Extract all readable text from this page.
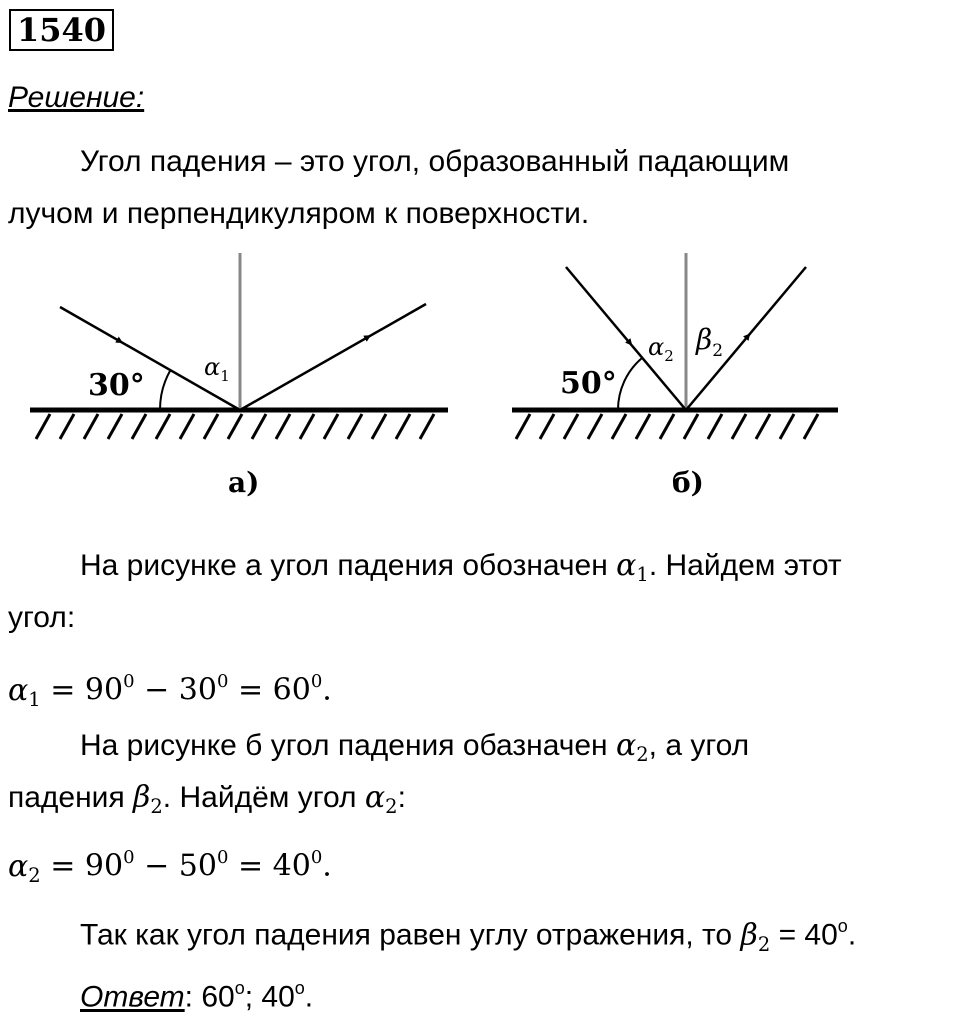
1540
Решение:
Угол падения – это угол, образованный падающим
лучом и перпендикуляром к поверхности.
30°
$\alpha_1$
а)
50°
$\alpha_2$ $\beta_2$
б)
На рисунке а угол падения обозначен $\alpha_1$. Найдем этот
угол:
$\alpha_1 = 90^0 - 30^0 = 60^0$.
На рисунке б угол падения обазначен $\alpha_2$, а угол
падения $\beta_2$. Найдём угол $\alpha_2$:
$\alpha_2 = 90^0 - 50^0 = 40^0$.
Так как угол падения равен углу отражения, то $\beta_2 = 40^o$.
Ответ: 60$^o$; 40$^o$.
